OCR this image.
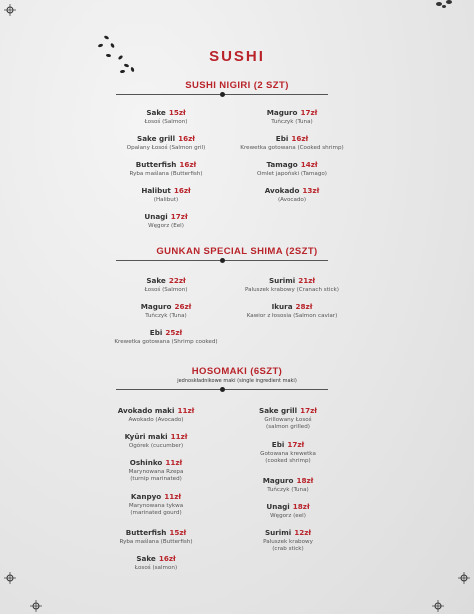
SUSHI
SUSHI NIGIRI (2 SZT)
Sake 15zł
Łosoś (Salmon)
Sake grill 16zł
Opalany Łosoś (Salmon gril)
Butterfish 16zł
Ryba maślana (Butterfish)
Halibut 16zł
(Halibut)
Unagi 17zł
Węgorz (Eel)
Maguro 17zł
Tuńczyk (Tuna)
Ebi 16zł
Krewetka gotowana (Cooked shrimp)
Tamago 14zł
Omlet japoński (Tamago)
Avokado 13zł
(Avocado)
GUNKAN SPECIAL SHIMA (2SZT)
Sake 22zł
Łosoś (Salmon)
Maguro 26zł
Tuńczyk (Tuna)
Ebi 25zł
Krewetka gotowana (Shrimp cooked)
Surimi 21zł
Paluszek krabowy (Cranach stick)
Ikura 28zł
Kawior z łososia (Salmon caviar)
HOSOMAKI (6SZT)
jednoskładnikowe maki (single ingredient maki)
Avokado maki 11zł
Awokado (Avocado)
Kyūri maki 11zł
Ogórek (cucumber)
Oshinko 11zł
Marynowana Rzepa
(turnip marinated)
Kanpyo 11zł
Marynowana tykwa
(marinated gourd)
Butterfish 15zł
Ryba maślana (Butterfish)
Sake 16zł
Łosoś (salmon)
Sake grill 17zł
Grillowany Łosoś
(salmon grilled)
Ebi 17zł
Gotowana krewetka
(cooked shrimp)
Maguro 18zł
Tuńczyk (Tuna)
Unagi 18zł
Węgorz (eel)
Surimi 12zł
Paluszek krabowy
(crab stick)
